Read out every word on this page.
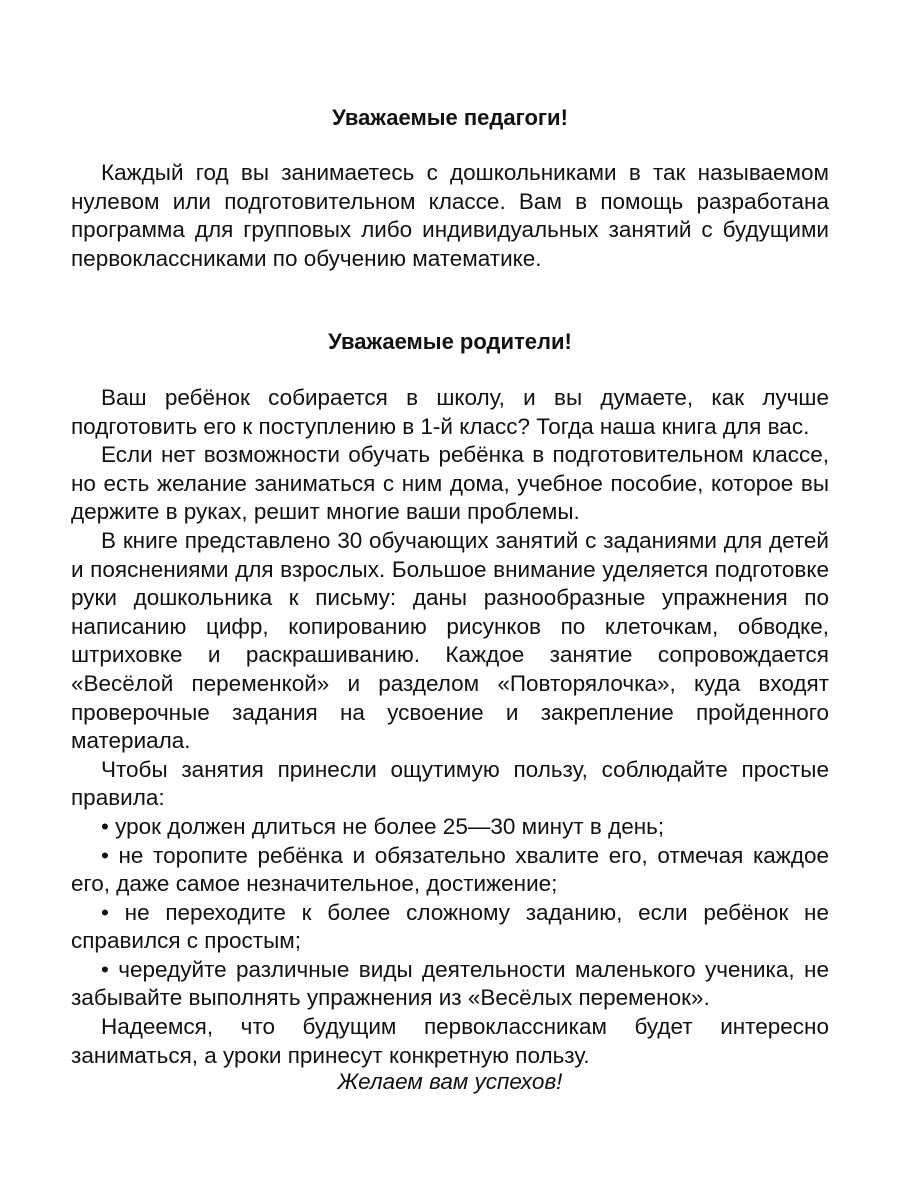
Уважаемые педагоги!

Каждый год вы занимаетесь с дошкольниками в так называемом нулевом или подготовительном классе. Вам в помощь разработана программа для групповых либо индивидуальных занятий с будущими первоклассниками по обучению математике.

Уважаемые родители!

Ваш ребёнок собирается в школу, и вы думаете, как лучше подготовить его к поступлению в 1-й класс? Тогда наша книга для вас.

Если нет возможности обучать ребёнка в подготовительном классе, но есть желание заниматься с ним дома, учебное пособие, которое вы держите в руках, решит многие ваши проблемы.

В книге представлено 30 обучающих занятий с заданиями для детей и пояснениями для взрослых. Большое внимание уделяется подготовке руки дошкольника к письму: даны разнообразные упражнения по написанию цифр, копированию рисунков по клеточкам, обводке, штриховке и раскрашиванию. Каждое занятие сопровождается «Весёлой переменкой» и разделом «Повторялочка», куда входят проверочные задания на усвоение и закрепление пройденного материала.

Чтобы занятия принесли ощутимую пользу, соблюдайте простые правила:

• урок должен длиться не более 25—30 минут в день;

• не торопите ребёнка и обязательно хвалите его, отмечая каждое его, даже самое незначительное, достижение;

• не переходите к более сложному заданию, если ребёнок не справился с простым;

• чередуйте различные виды деятельности маленького ученика, не забывайте выполнять упражнения из «Весёлых переменок».

Надеемся, что будущим первоклассникам будет интересно заниматься, а уроки принесут конкретную пользу.

Желаем вам успехов!
